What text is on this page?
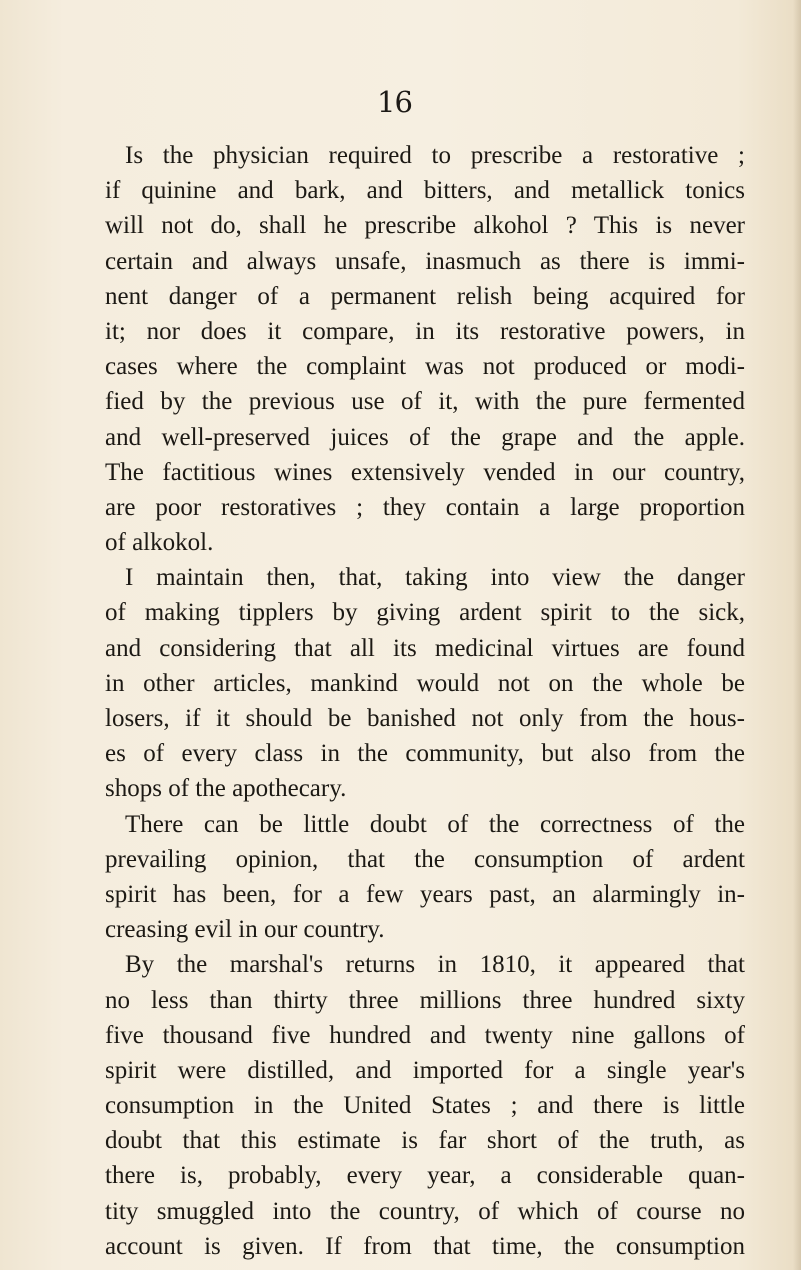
16
Is the physician required to prescribe a restorative ;
if quinine and bark, and bitters, and metallick tonics
will not do, shall he prescribe alkohol ? This is never
certain and always unsafe, inasmuch as there is immi-
nent danger of a permanent relish being acquired for
it; nor does it compare, in its restorative powers, in
cases where the complaint was not produced or modi-
fied by the previous use of it, with the pure fermented
and well-preserved juices of the grape and the apple.
The factitious wines extensively vended in our country,
are poor restoratives ; they contain a large proportion
of alkokol.
I maintain then, that, taking into view the danger
of making tipplers by giving ardent spirit to the sick,
and considering that all its medicinal virtues are found
in other articles, mankind would not on the whole be
losers, if it should be banished not only from the hous-
es of every class in the community, but also from the
shops of the apothecary.
There can be little doubt of the correctness of the
prevailing opinion, that the consumption of ardent
spirit has been, for a few years past, an alarmingly in-
creasing evil in our country.
By the marshal's returns in 1810, it appeared that
no less than thirty three millions three hundred sixty
five thousand five hundred and twenty nine gallons of
spirit were distilled, and imported for a single year's
consumption in the United States ; and there is little
doubt that this estimate is far short of the truth, as
there is, probably, every year, a considerable quan-
tity smuggled into the country, of which of course no
account is given. If from that time, the consumption
